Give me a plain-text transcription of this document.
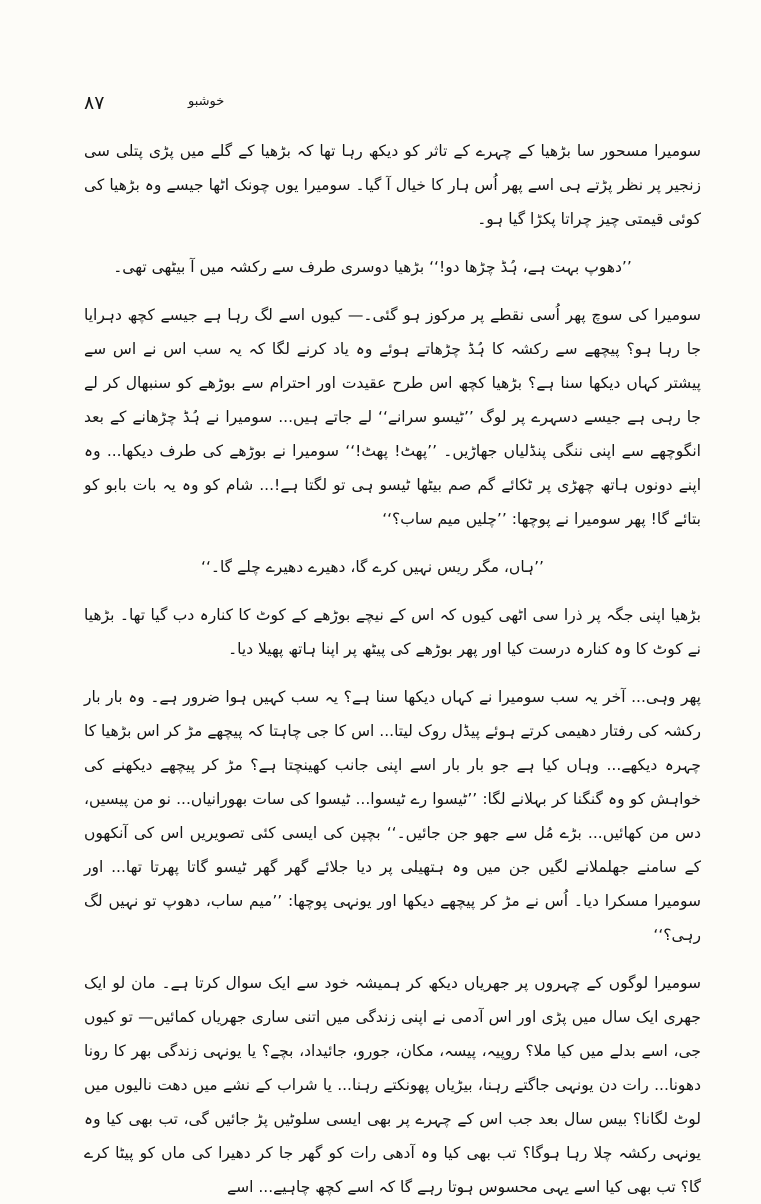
٨٧	خوشبو

سومیرا مسحور سا بڑھیا کے چہرے کے تاثر کو دیکھ رہا تھا کہ بڑھیا کے گلے میں پڑی پتلی سی زنجیر پر نظر پڑتے ہی اسے پھر اُس ہار کا خیال آ گیا۔ سومیرا یوں چونک اٹھا جیسے وہ بڑھیا کی کوئی قیمتی چیز چراتا پکڑا گیا ہو۔

’’دھوپ بہت ہے، ہُڈ چڑھا دو!‘‘ بڑھیا دوسری طرف سے رکشہ میں آ بیٹھی تھی۔

سومیرا کی سوچ پھر اُسی نقطے پر مرکوز ہو گئی۔— کیوں اسے لگ رہا ہے جیسے کچھ دہرایا جا رہا ہو؟ پیچھے سے رکشہ کا ہُڈ چڑھاتے ہوئے وہ یاد کرنے لگا کہ یہ سب اس نے اس سے پیشتر کہاں دیکھا سنا ہے؟ بڑھیا کچھ اس طرح عقیدت اور احترام سے بوڑھے کو سنبھال کر لے جا رہی ہے جیسے دسہرے پر لوگ ’’ٹیسو سرانے‘‘ لے جاتے ہیں... سومیرا نے ہُڈ چڑھانے کے بعد انگوچھے سے اپنی ننگی پنڈلیاں جھاڑیں۔ ’’پھٹ! پھٹ!‘‘ سومیرا نے بوڑھے کی طرف دیکھا... وہ اپنے دونوں ہاتھ چھڑی پر ٹکائے گم صم بیٹھا ٹیسو ہی تو لگتا ہے!... شام کو وہ یہ بات بابو کو بتائے گا! پھر سومیرا نے پوچھا: ’’چلیں میم ساب؟‘‘

’’ہاں، مگر ریس نہیں کرے گا، دھیرے دھیرے چلے گا۔‘‘

بڑھیا اپنی جگہ پر ذرا سی اٹھی کیوں کہ اس کے نیچے بوڑھے کے کوٹ کا کنارہ دب گیا تھا۔ بڑھیا نے کوٹ کا وہ کنارہ درست کیا اور پھر بوڑھے کی پیٹھ پر اپنا ہاتھ پھیلا دیا۔

پھر وہی... آخر یہ سب سومیرا نے کہاں دیکھا سنا ہے؟ یہ سب کہیں ہوا ضرور ہے۔ وہ بار بار رکشہ کی رفتار دھیمی کرتے ہوئے پیڈل روک لیتا... اس کا جی چاہتا کہ پیچھے مڑ کر اس بڑھیا کا چہرہ دیکھے... وہاں کیا ہے جو بار بار اسے اپنی جانب کھینچتا ہے؟ مڑ کر پیچھے دیکھنے کی خواہش کو وہ گنگنا کر بہلانے لگا: ’’ٹیسوا رے ٹیسوا... ٹیسوا کی سات بھورانیاں... نو من پیسیں، دس من کھائیں... بڑے مُل سے جھو جن جائیں۔‘‘ بچپن کی ایسی کئی تصویریں اس کی آنکھوں کے سامنے جھلملانے لگیں جن میں وہ ہتھیلی پر دیا جلائے گھر گھر ٹیسو گاتا پھرتا تھا... اور سومیرا مسکرا دیا۔ اُس نے مڑ کر پیچھے دیکھا اور یونہی پوچھا: ’’میم ساب، دھوپ تو نہیں لگ رہی؟‘‘

سومیرا لوگوں کے چہروں پر جھریاں دیکھ کر ہمیشہ خود سے ایک سوال کرتا ہے۔ مان لو ایک جھری ایک سال میں پڑی اور اس آدمی نے اپنی زندگی میں اتنی ساری جھریاں کمائیں— تو کیوں جی، اسے بدلے میں کیا ملا؟ روپیہ، پیسہ، مکان، جورو، جائیداد، بچے؟ یا یونہی زندگی بھر کا رونا دھونا... رات دن یونہی جاگتے رہنا، بیڑیاں پھونکتے رہنا... یا شراب کے نشے میں دھت نالیوں میں لوٹ لگانا؟ بیس سال بعد جب اس کے چہرے پر بھی ایسی سلوٹیں پڑ جائیں گی، تب بھی کیا وہ یونہی رکشہ چلا رہا ہوگا؟ تب بھی کیا وہ آدھی رات کو گھر جا کر دھیرا کی ماں کو پیٹا کرے گا؟ تب بھی کیا اسے یہی محسوس ہوتا رہے گا کہ اسے کچھ چاہیے... اسے
